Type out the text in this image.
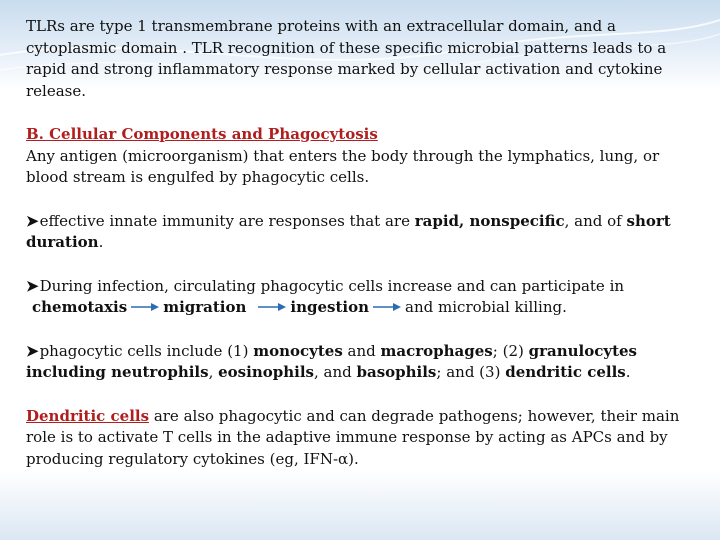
TLRs are type 1 transmembrane proteins with an extracellular domain, and a cytoplasmic domain . TLR recognition of these specific microbial patterns leads to a rapid and strong inflammatory response marked by cellular activation and cytokine release.

B. Cellular Components and Phagocytosis

Any antigen (microorganism) that enters the body through the lymphatics, lung, or blood stream is engulfed by phagocytic cells.

➤effective innate immunity are responses that are rapid, nonspecific, and of short duration.

➤During infection, circulating phagocytic cells increase and can participate in

chemotaxis migration	ingestion and microbial killing.

➤phagocytic cells include (1) monocytes and macrophages; (2) granulocytes including neutrophils, eosinophils, and basophils; and (3) dendritic cells.

Dendritic cells are also phagocytic and can degrade pathogens; however, their main role is to activate T cells in the adaptive immune response by acting as APCs and by producing regulatory cytokines (eg, IFN-α).
